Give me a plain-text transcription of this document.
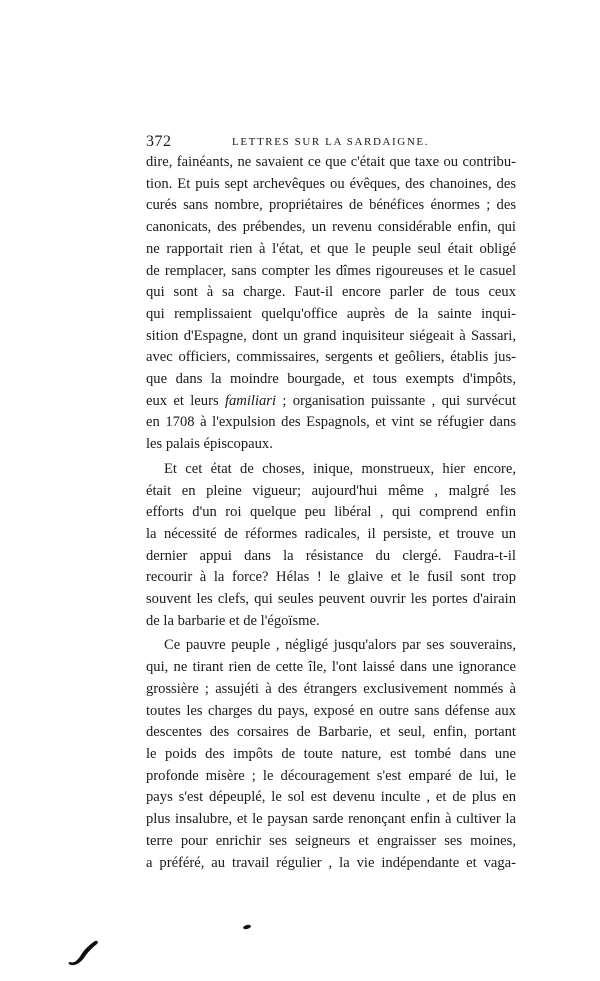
372	LETTRES SUR LA SARDAIGNE.
dire, fainéants, ne savaient ce que c'était que taxe ou contribu-
tion. Et puis sept archevêques ou évêques, des chanoines, des
curés sans nombre, propriétaires de bénéfices énormes ; des
canonicats, des prébendes, un revenu considérable enfin, qui
ne rapportait rien à l'état, et que le peuple seul était obligé
de remplacer, sans compter les dîmes rigoureuses et le casuel
qui sont à sa charge. Faut-il encore parler de tous ceux
qui remplissaient quelqu'office auprès de la sainte inqui-
sition d'Espagne, dont un grand inquisiteur siégeait à Sassari,
avec officiers, commissaires, sergents et geôliers, établis jus-
que dans la moindre bourgade, et tous exempts d'impôts,
eux et leurs familiari ; organisation puissante , qui survécut
en 1708 à l'expulsion des Espagnols, et vint se réfugier dans
les palais épiscopaux.
Et cet état de choses, inique, monstrueux, hier encore,
était en pleine vigueur; aujourd'hui même , malgré les
efforts d'un roi quelque peu libéral , qui comprend enfin
la nécessité de réformes radicales, il persiste, et trouve un
dernier appui dans la résistance du clergé. Faudra-t-il
recourir à la force? Hélas ! le glaive et le fusil sont trop
souvent les clefs, qui seules peuvent ouvrir les portes d'airain
de la barbarie et de l'égoïsme.
Ce pauvre peuple , négligé jusqu'alors par ses souverains,
qui, ne tirant rien de cette île, l'ont laissé dans une ignorance
grossière ; assujéti à des étrangers exclusivement nommés à
toutes les charges du pays, exposé en outre sans défense aux
descentes des corsaires de Barbarie, et seul, enfin, portant
le poids des impôts de toute nature, est tombé dans une
profonde misère ; le découragement s'est emparé de lui, le
pays s'est dépeuplé, le sol est devenu inculte , et de plus en
plus insalubre, et le paysan sarde renonçant enfin à cultiver la
terre pour enrichir ses seigneurs et engraisser ses moines,
a préféré, au travail régulier , la vie indépendante et vaga-
